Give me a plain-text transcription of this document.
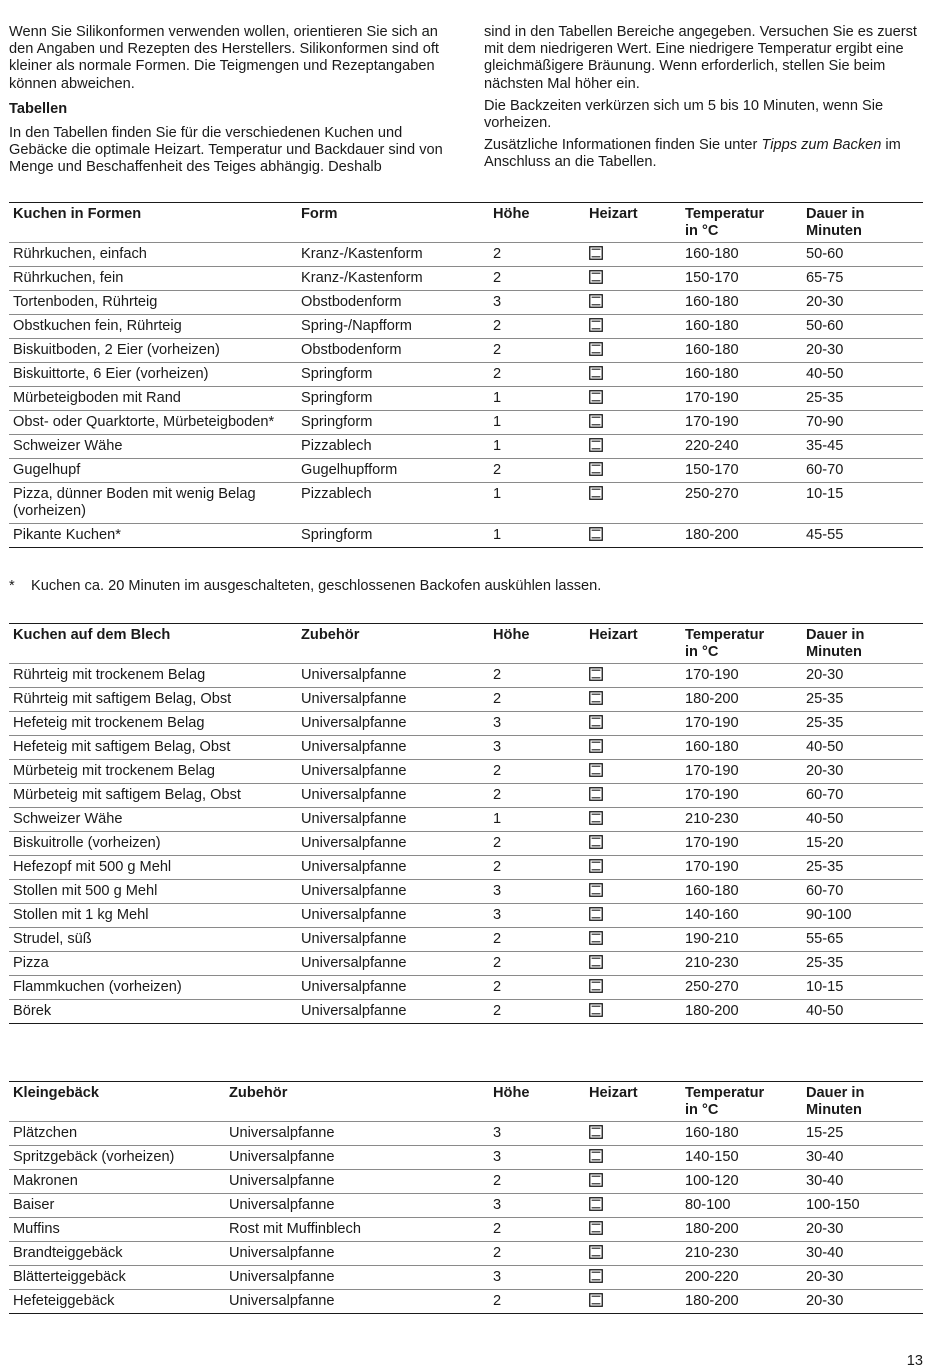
Wenn Sie Silikonformen verwenden wollen, orientieren Sie sich an den Angaben und Rezepten des Herstellers. Silikonformen sind oft kleiner als normale Formen. Die Teigmengen und Rezeptangaben können abweichen.

Tabellen

In den Tabellen finden Sie für die verschiedenen Kuchen und Gebäcke die optimale Heizart. Temperatur und Backdauer sind von Menge und Beschaffenheit des Teiges abhängig. Deshalb

sind in den Tabellen Bereiche angegeben. Versuchen Sie es zuerst mit dem niedrigeren Wert. Eine niedrigere Temperatur ergibt eine gleichmäßigere Bräunung. Wenn erforderlich, stellen Sie beim nächsten Mal höher ein.

Die Backzeiten verkürzen sich um 5 bis 10 Minuten, wenn Sie vorheizen.

Zusätzliche Informationen finden Sie unter Tipps zum Backen im Anschluss an die Tabellen.

Kuchen in Formen	Form	Höhe	Heizart	Temperatur in °C	Dauer in Minuten
Rührkuchen, einfach	Kranz-/Kastenform	2		160-180	50-60
Rührkuchen, fein	Kranz-/Kastenform	2		150-170	65-75
Tortenboden, Rührteig	Obstbodenform	3		160-180	20-30
Obstkuchen fein, Rührteig	Spring-/Napfform	2		160-180	50-60
Biskuitboden, 2 Eier (vorheizen)	Obstbodenform	2		160-180	20-30
Biskuittorte, 6 Eier (vorheizen)	Springform	2		160-180	40-50
Mürbeteigboden mit Rand	Springform	1		170-190	25-35
Obst- oder Quarktorte, Mürbeteigboden*	Springform	1		170-190	70-90
Schweizer Wähe	Pizzablech	1		220-240	35-45
Gugelhupf	Gugelhupfform	2		150-170	60-70
Pizza, dünner Boden mit wenig Belag (vorheizen)	Pizzablech	1		250-270	10-15
Pikante Kuchen*	Springform	1		180-200	45-55
*	Kuchen ca. 20 Minuten im ausgeschalteten, geschlossenen Backofen auskühlen lassen.
Kuchen auf dem Blech	Zubehör	Höhe	Heizart	Temperatur in °C	Dauer in Minuten
Rührteig mit trockenem Belag	Universalpfanne	2		170-190	20-30
Rührteig mit saftigem Belag, Obst	Universalpfanne	2		180-200	25-35
Hefeteig mit trockenem Belag	Universalpfanne	3		170-190	25-35
Hefeteig mit saftigem Belag, Obst	Universalpfanne	3		160-180	40-50
Mürbeteig mit trockenem Belag	Universalpfanne	2		170-190	20-30
Mürbeteig mit saftigem Belag, Obst	Universalpfanne	2		170-190	60-70
Schweizer Wähe	Universalpfanne	1		210-230	40-50
Biskuitrolle (vorheizen)	Universalpfanne	2		170-190	15-20
Hefezopf mit 500 g Mehl	Universalpfanne	2		170-190	25-35
Stollen mit 500 g Mehl	Universalpfanne	3		160-180	60-70
Stollen mit 1 kg Mehl	Universalpfanne	3		140-160	90-100
Strudel, süß	Universalpfanne	2		190-210	55-65
Pizza	Universalpfanne	2		210-230	25-35
Flammkuchen (vorheizen)	Universalpfanne	2		250-270	10-15
Börek	Universalpfanne	2		180-200	40-50
Kleingebäck	Zubehör	Höhe	Heizart	Temperatur in °C	Dauer in Minuten
Plätzchen	Universalpfanne	3		160-180	15-25
Spritzgebäck (vorheizen)	Universalpfanne	3		140-150	30-40
Makronen	Universalpfanne	2		100-120	30-40
Baiser	Universalpfanne	3		80-100	100-150
Muffins	Rost mit Muffinblech	2		180-200	20-30
Brandteiggebäck	Universalpfanne	2		210-230	30-40
Blätterteiggebäck	Universalpfanne	3		200-220	20-30
Hefeteiggebäck	Universalpfanne	2		180-200	20-30
13
